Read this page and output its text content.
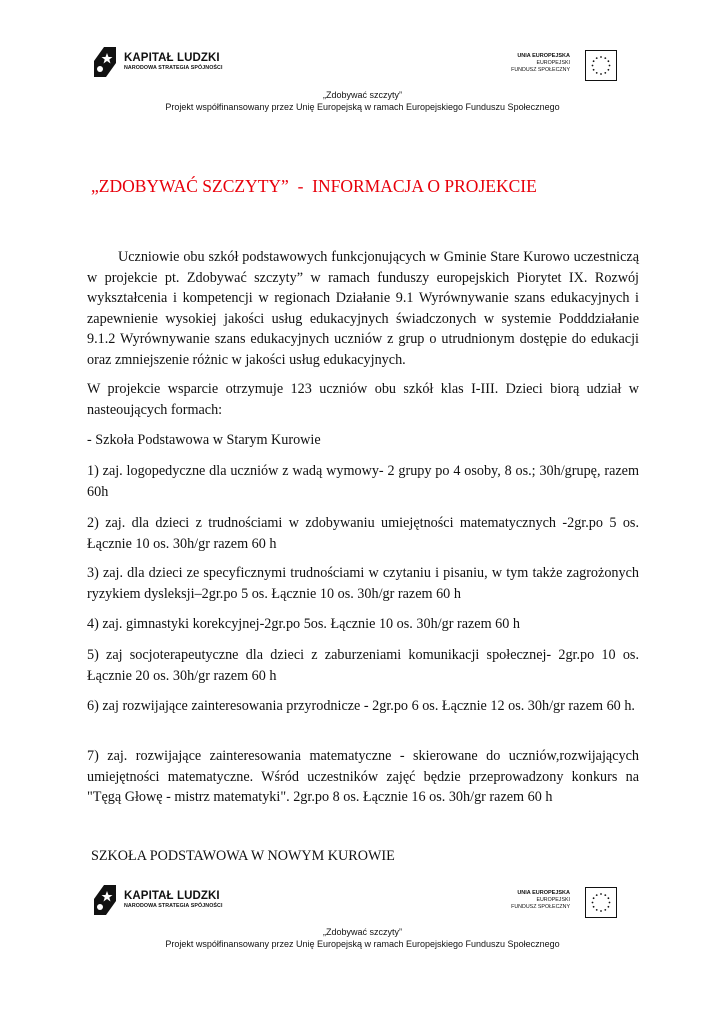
KAPITAŁ LUDZKI
NARODOWA STRATEGIA SPÓJNOŚCI
UNIA EUROPEJSKA
EUROPEJSKI
FUNDUSZ SPOŁECZNY
„Zdobywać szczyty”
Projekt współfinansowany przez Unię Europejską w ramach Europejskiego Funduszu Społecznego
„ZDOBYWAĆ SZCZYTY”  -  INFORMACJA O PROJEKCIE

Uczniowie obu szkół podstawowych funkcjonujących w Gminie Stare Kurowo uczestniczą w projekcie pt. Zdobywać szczyty” w ramach funduszy europejskich Piorytet IX. Rozwój wykształcenia i kompetencji w regionach Działanie 9.1 Wyrównywanie szans edukacyjnych i zapewnienie wysokiej jakości usług edukacyjnych świadczonych w systemie Podddziałanie 9.1.2 Wyrównywanie szans edukacyjnych uczniów z grup o utrudnionym dostępie do edukacji oraz zmniejszenie różnic w jakości usług edukacyjnych.

W projekcie wsparcie otrzymuje 123 uczniów obu szkół klas I-III. Dzieci biorą udział w nasteoujących formach:

- Szkoła Podstawowa w Starym Kurowie

1) zaj. logopedyczne dla uczniów z wadą wymowy- 2 grupy po 4 osoby, 8 os.; 30h/grupę, razem 60h

2) zaj. dla dzieci z trudnościami w zdobywaniu umiejętności matematycznych -2gr.po 5 os. Łącznie 10 os. 30h/gr razem 60 h

3) zaj. dla dzieci ze specyficznymi trudnościami w czytaniu i pisaniu, w tym także zagrożonych ryzykiem dysleksji–2gr.po 5 os. Łącznie 10 os. 30h/gr razem 60 h

4) zaj. gimnastyki korekcyjnej-2gr.po 5os. Łącznie 10 os. 30h/gr razem 60 h

5) zaj socjoterapeutyczne dla dzieci z zaburzeniami komunikacji społecznej- 2gr.po 10 os. Łącznie 20 os. 30h/gr razem 60 h

6) zaj rozwijające zainteresowania przyrodnicze - 2gr.po 6 os. Łącznie 12 os. 30h/gr razem 60 h.

7) zaj. rozwijające zainteresowania matematyczne - skierowane do uczniów,rozwijających umiejętności matematyczne. Wśród uczestników zajęć będzie przeprowadzony konkurs na "Tęgą Głowę - mistrz matematyki". 2gr.po 8 os. Łącznie 16 os. 30h/gr razem 60 h

SZKOŁA PODSTAWOWA W NOWYM KUROWIE
KAPITAŁ LUDZKI
NARODOWA STRATEGIA SPÓJNOŚCI
UNIA EUROPEJSKA
EUROPEJSKI
FUNDUSZ SPOŁECZNY
„Zdobywać szczyty”
Projekt współfinansowany przez Unię Europejską w ramach Europejskiego Funduszu Społecznego
